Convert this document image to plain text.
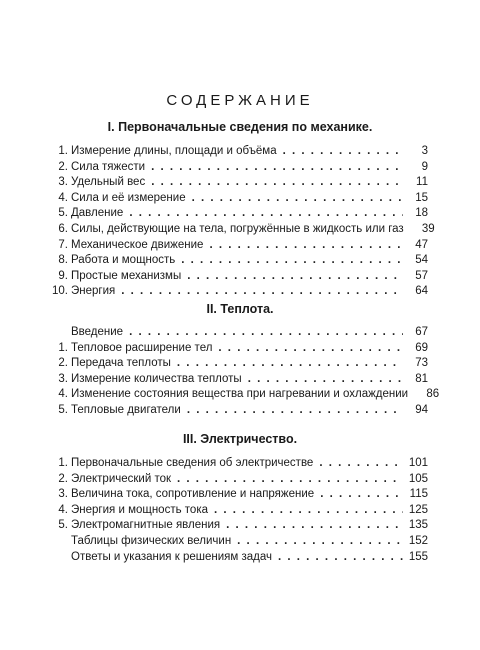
СОДЕРЖАНИЕ
I. Первоначальные сведения по механике.
1. Измерение длины, площади и объёма . . .	3
2. Сила тяжести . . .	9
3. Удельный вес . . .	11
4. Сила и её измерение . . .	15
5. Давление . . .	18
6. Силы, действующие на тела, погружённые в жидкость или газ	39
7. Механическое движение . . .	47
8. Работа и мощность . . .	54
9. Простые механизмы . . .	57
10. Энергия . . .	64
II. Теплота.
Введение . . .	67
1. Тепловое расширение тел . . .	69
2. Передача теплоты . . .	73
3. Измерение количества теплоты . . .	81
4. Изменение состояния вещества при нагревании и охлаждении	86
5. Тепловые двигатели . . .	94
III. Электричество.
1. Первоначальные сведения об электричестве . . .	101
2. Электрический ток . . .	105
3. Величина тока, сопротивление и напряжение . . .	115
4. Энергия и мощность тока . . .	125
5. Электромагнитные явления . . .	135
Таблицы физических величин . . .	152
Ответы и указания к решениям задач . . .	155
